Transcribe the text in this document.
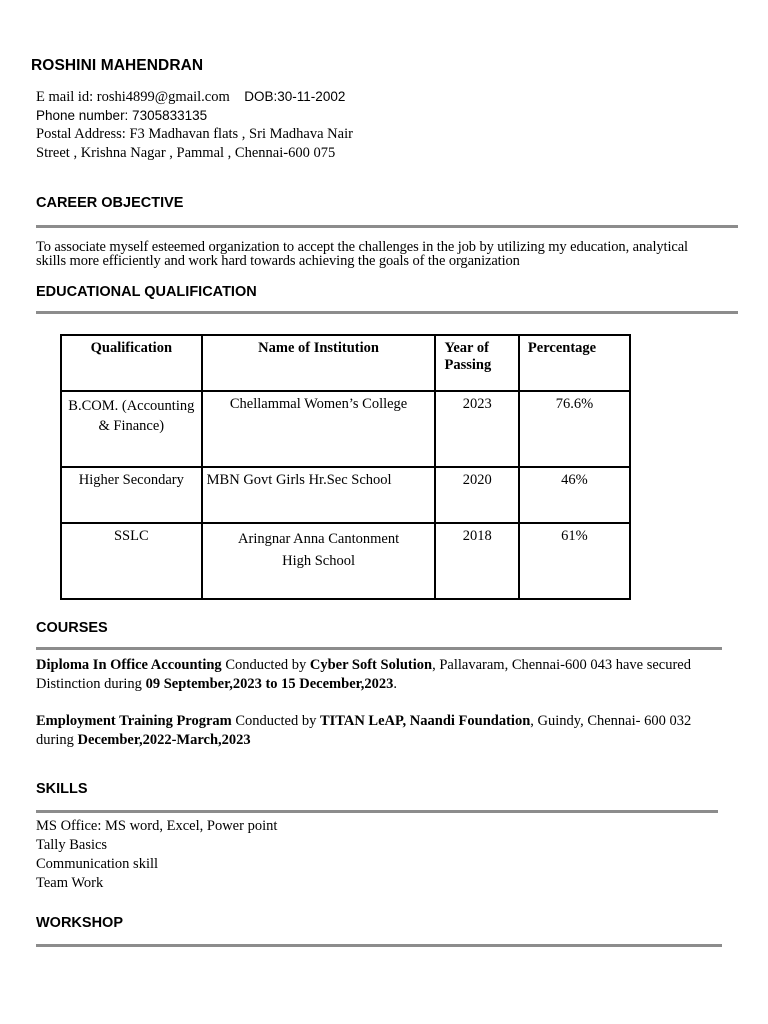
ROSHINI MAHENDRAN
E mail id: roshi4899@gmail.com DOB:30-11-2002
Phone number: 7305833135
Postal Address: F3 Madhavan flats , Sri Madhava Nair
Street , Krishna Nagar , Pammal , Chennai-600 075
CAREER OBJECTIVE
To associate myself esteemed organization to accept the challenges in the job by utilizing my education, analytical
skills more efficiently and work hard towards achieving the goals of the organization
EDUCATIONAL QUALIFICATION
Qualification	Name of Institution	Year of Passing	Percentage
B.COM. (Accounting & Finance)	Chellammal Women’s College	2023	76.6%
Higher Secondary	MBN Govt Girls Hr.Sec School	2020	46%
SSLC	Aringnar Anna Cantonment High School	2018	61%
COURSES
Diploma In Office Accounting Conducted by Cyber Soft Solution, Pallavaram, Chennai-600 043 have secured
Distinction during 09 September,2023 to 15 December,2023.
Employment Training Program Conducted by TITAN LeAP, Naandi Foundation, Guindy, Chennai- 600 032
during December,2022-March,2023
SKILLS
MS Office: MS word, Excel, Power point
Tally Basics
Communication skill
Team Work
WORKSHOP
